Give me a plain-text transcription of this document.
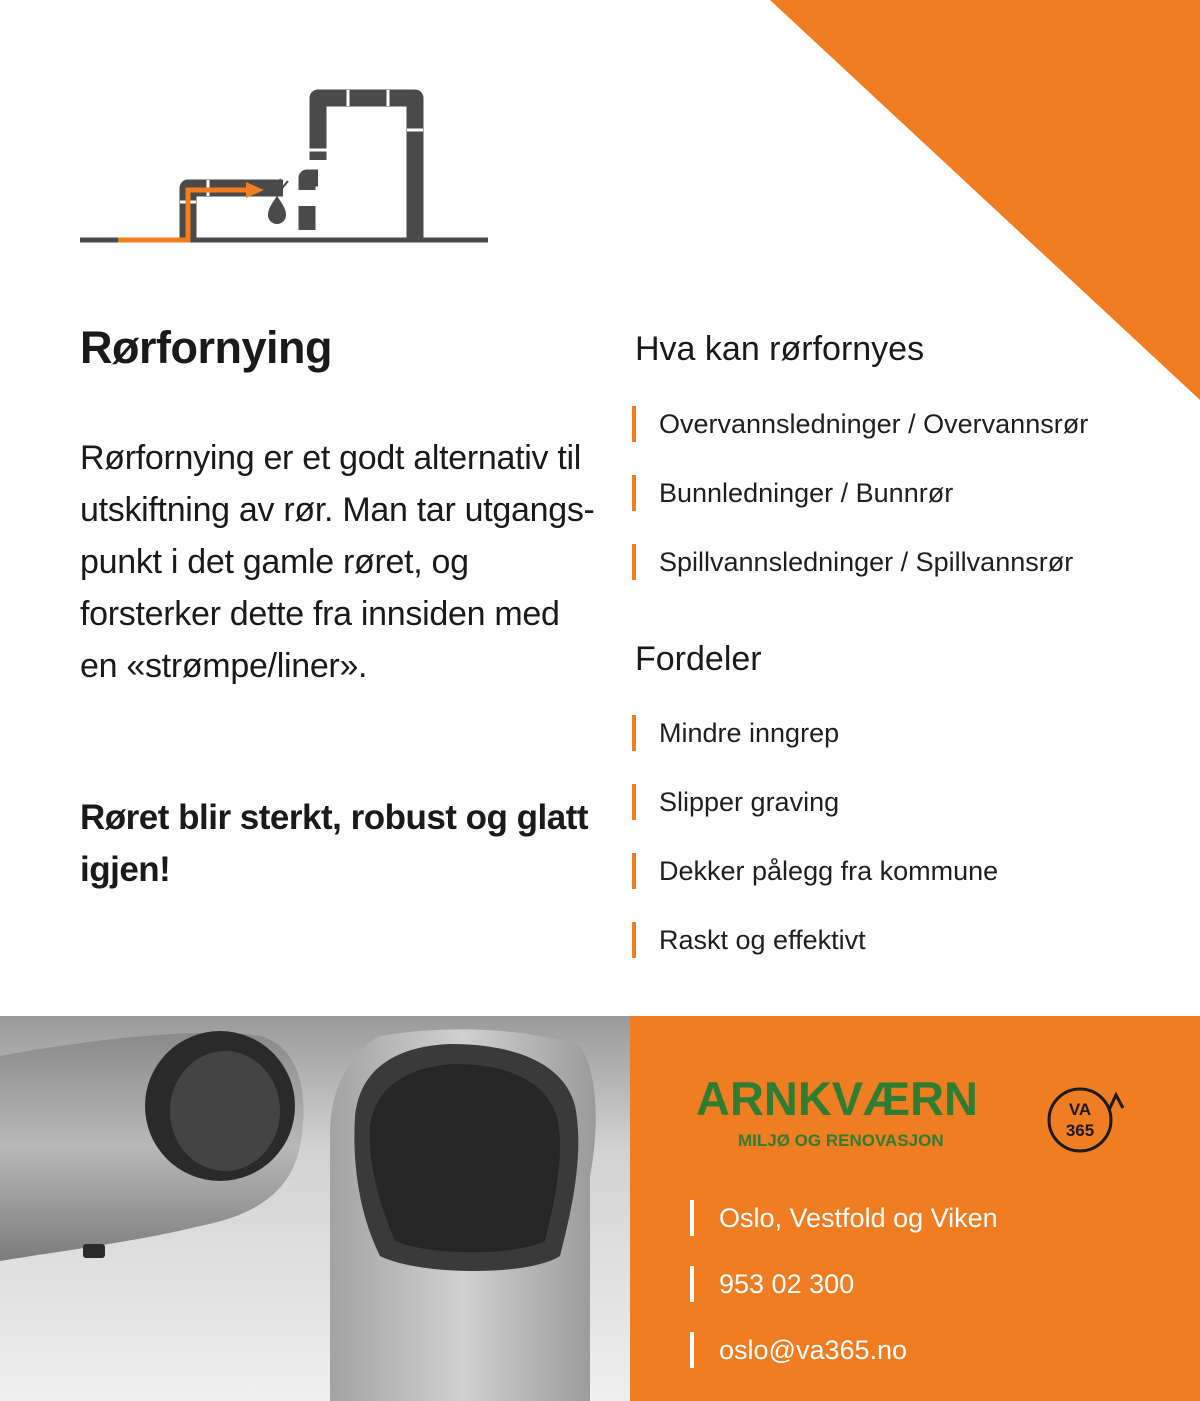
Rørfornying

Rørfornying er et godt alternativ til utskiftning av rør. Man tar utgangs-punkt i det gamle røret, og forsterker dette fra innsiden med en «strømpe/liner».

Røret blir sterkt, robust og glatt igjen!

Hva kan rørfornyes
Overvannsledninger / Overvannsrør
Bunnledninger / Bunnrør
Spillvannsledninger / Spillvannsrør
Fordeler
Mindre inngrep
Slipper graving
Dekker pålegg fra kommune
Raskt og effektivt
ARNKVÆRN
MILJØ OG RENOVASJON
VA
365
Oslo, Vestfold og Viken
953 02 300
oslo@va365.no
